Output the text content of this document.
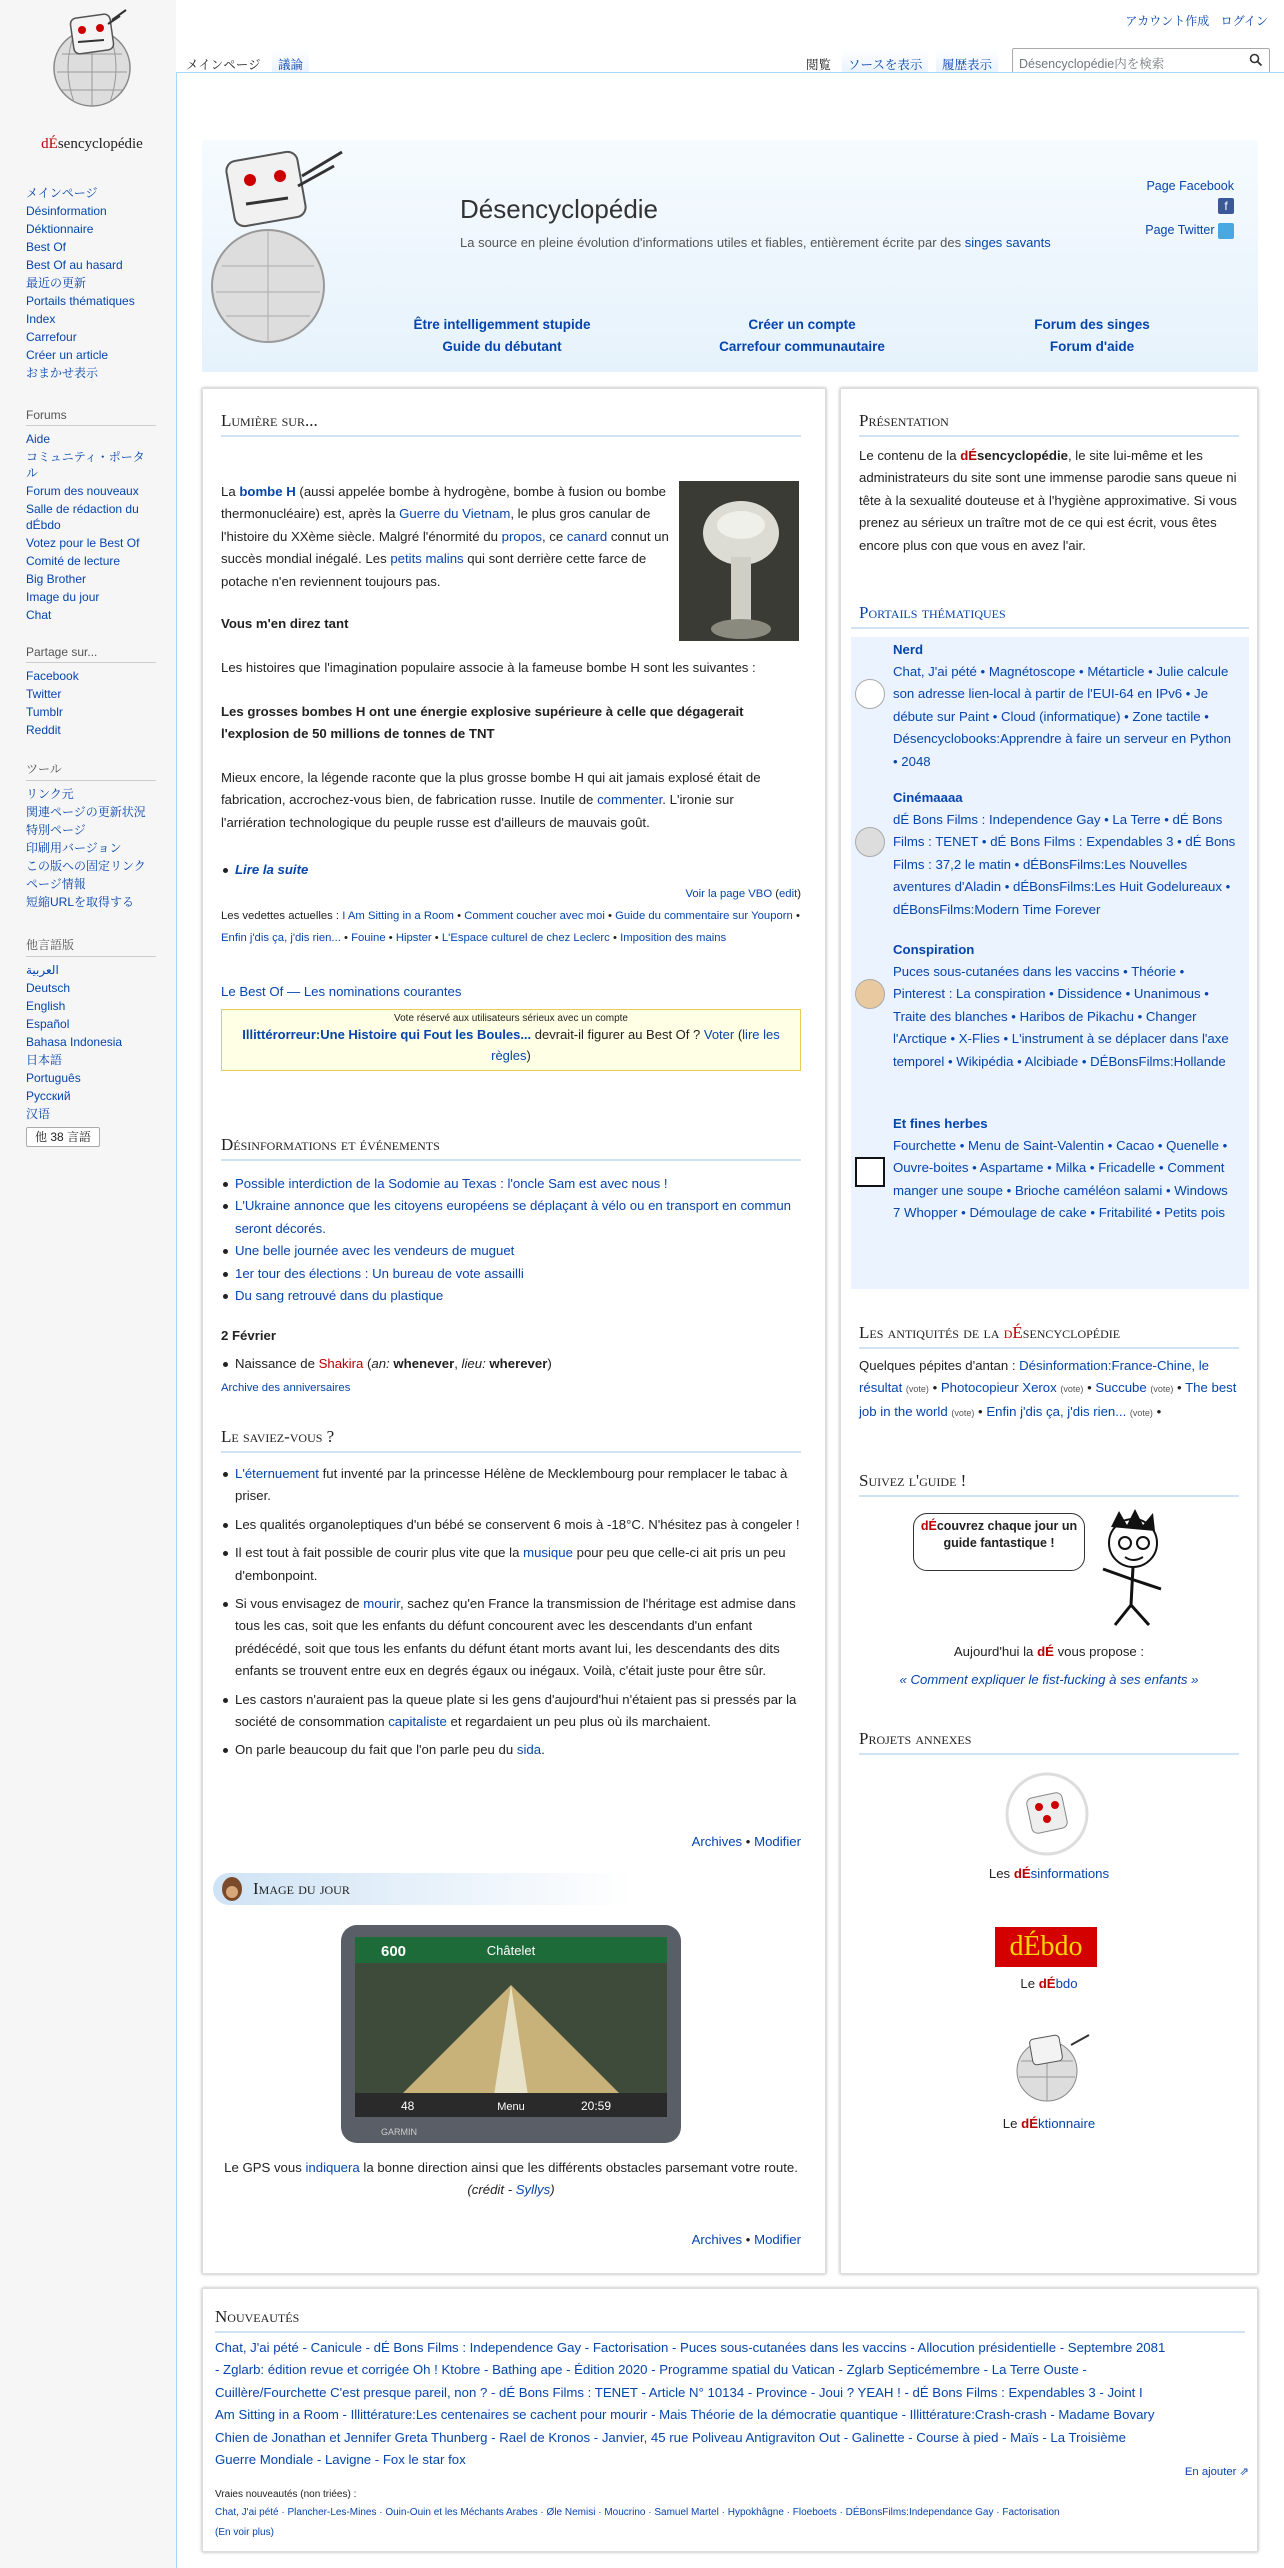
dÉsencyclopédie
メインページ
Désinformation
Déktionnaire
Best Of
Best Of au hasard
最近の更新
Portails thématiques
Index
Carrefour
Créer un article
おまかせ表示
Forums
Aide
コミュニティ・ポータル
Forum des nouveaux
Salle de rédaction du dÉbdo
Votez pour le Best Of
Comité de lecture
Big Brother
Image du jour
Chat
Partage sur...
Facebook
Twitter
Tumblr
Reddit
ツール
リンク元
関連ページの更新状況
特別ページ
印刷用バージョン
この版への固定リンク
ページ情報
短縮URLを取得する
他言語版
العربية
Deutsch
English
Español
Bahasa Indonesia
日本語
Português
Русский
汉语
他 38 言語
アカウント作成 ログイン
メインページ	議論	閲覧	ソースを表示	履歴表示	Désencyclopédie内を検索
Désencyclopédie
La source en pleine évolution d'informations utiles et fiables, entièrement écrite par des singes savants
Page Facebook
f
Page Twitter
Être intelligemment stupide
Guide du débutant
Créer un compte
Carrefour communautaire
Forum des singes
Forum d'aide
Lumière sur...
La bombe H (aussi appelée bombe à hydrogène, bombe à fusion ou bombe thermonucléaire) est, après la Guerre du Vietnam, le plus gros canular de l'histoire du XXème siècle. Malgré l'énormité du propos, ce canard connut un succès mondial inégalé. Les petits malins qui sont derrière cette farce de potache n'en reviennent toujours pas.
Vous m'en direz tant
Les histoires que l'imagination populaire associe à la fameuse bombe H sont les suivantes :
Les grosses bombes H ont une énergie explosive supérieure à celle que dégagerait l'explosion de 50 millions de tonnes de TNT
Mieux encore, la légende raconte que la plus grosse bombe H qui ait jamais explosé était de fabrication, accrochez-vous bien, de fabrication russe. Inutile de commenter. L'ironie sur l'arriération technologique du peuple russe est d'ailleurs de mauvais goût.
Lire la suite
Voir la page VBO (edit)
Les vedettes actuelles : I Am Sitting in a Room • Comment coucher avec moi • Guide du commentaire sur Youporn • Enfin j'dis ça, j'dis rien... • Fouine • Hipster • L'Espace culturel de chez Leclerc • Imposition des mains
Le Best Of — Les nominations courantes
Vote réservé aux utilisateurs sérieux avec un compte
Illittérorreur:Une Histoire qui Fout les Boules... devrait-il figurer au Best Of ? Voter (lire les règles)
Désinformations et événements
Possible interdiction de la Sodomie au Texas : l'oncle Sam est avec nous !
L'Ukraine annonce que les citoyens européens se déplaçant à vélo ou en transport en commun seront décorés.
Une belle journée avec les vendeurs de muguet
1er tour des élections : Un bureau de vote assailli
Du sang retrouvé dans du plastique
2 Février
Naissance de Shakira (an: whenever, lieu: wherever)
Archive des anniversaires
Le saviez-vous ?
L'éternuement fut inventé par la princesse Hélène de Mecklembourg pour remplacer le tabac à priser.
Les qualités organoleptiques d'un bébé se conservent 6 mois à -18°C. N'hésitez pas à congeler !
Il est tout à fait possible de courir plus vite que la musique pour peu que celle-ci ait pris un peu d'embonpoint.
Si vous envisagez de mourir, sachez qu'en France la transmission de l'héritage est admise dans tous les cas, soit que les enfants du défunt concourent avec les descendants d'un enfant prédécédé, soit que tous les enfants du défunt étant morts avant lui, les descendants des dits enfants se trouvent entre eux en degrés égaux ou inégaux. Voilà, c'était juste pour être sûr.
Les castors n'auraient pas la queue plate si les gens d'aujourd'hui n'étaient pas si pressés par la société de consommation capitaliste et regardaient un peu plus où ils marchaient.
On parle beaucoup du fait que l'on parle peu du sida.
Archives • Modifier
Image du jour
600	Châtelet
48	Menu	20:59
GARMIN
Le GPS vous indiquera la bonne direction ainsi que les différents obstacles parsemant votre route.
(crédit - Syllys)
Archives • Modifier
Présentation
Le contenu de la dÉsencyclopédie, le site lui-même et les administrateurs du site sont une immense parodie sans queue ni tête à la sexualité douteuse et à l'hygiène approximative. Si vous prenez au sérieux un traître mot de ce qui est écrit, vous êtes encore plus con que vous en avez l'air.
Portails thématiques
Nerd
Chat, J'ai pété • Magnétoscope • Métarticle • Julie calcule son adresse lien-local à partir de l'EUI-64 en IPv6 • Je débute sur Paint • Cloud (informatique) • Zone tactile • Désencyclobooks:Apprendre à faire un serveur en Python • 2048
Cinémaaaa
dÉ Bons Films : Independence Gay • La Terre • dÉ Bons Films : TENET • dÉ Bons Films : Expendables 3 • dÉ Bons Films : 37,2 le matin • dÉBonsFilms:Les Nouvelles aventures d'Aladin • dÉBonsFilms:Les Huit Godelureaux • dÉBonsFilms:Modern Time Forever
Conspiration
Puces sous-cutanées dans les vaccins • Théorie • Pinterest : La conspiration • Dissidence • Unanimous • Traite des blanches • Haribos de Pikachu • Changer l'Arctique • X-Flies • L'instrument à se déplacer dans l'axe temporel • Wikipédia • Alcibiade • DÉBonsFilms:Hollande
Et fines herbes
Fourchette • Menu de Saint-Valentin • Cacao • Quenelle • Ouvre-boites • Aspartame • Milka • Fricadelle • Comment manger une soupe • Brioche caméléon salami • Windows 7 Whopper • Démoulage de cake • Fritabilité • Petits pois
Les antiquités de la dÉsencyclopédie
Quelques pépites d'antan : Désinformation:France-Chine, le résultat (vote) • Photocopieur Xerox (vote) • Succube (vote) • The best job in the world (vote) • Enfin j'dis ça, j'dis rien... (vote) •
Suivez l'guide !
dÉcouvrez chaque jour un guide fantastique !
Aujourd'hui la dÉ vous propose :
« Comment expliquer le fist-fucking à ses enfants »
Projets annexes
Les dÉsinformations
dÉbdo
Le dÉbdo
Le dÉktionnaire
Nouveautés
Chat, J'ai pété - Canicule - dÉ Bons Films : Independence Gay - Factorisation - Puces sous-cutanées dans les vaccins - Allocution présidentielle - Septembre 2081
- Zglarb: édition revue et corrigée Oh ! Ktobre - Bathing ape - Édition 2020 - Programme spatial du Vatican - Zglarb Septicémembre - La Terre Ouste -
Cuillère/Fourchette C'est presque pareil, non ? - dÉ Bons Films : TENET - Article N° 10134 - Province - Joui ? YEAH ! - dÉ Bons Films : Expendables 3 - Joint I
Am Sitting in a Room - Illittérature:Les centenaires se cachent pour mourir - Mais Théorie de la démocratie quantique - Illittérature:Crash-crash - Madame Bovary
Chien de Jonathan et Jennifer Greta Thunberg - Rael de Kronos - Janvier, 45 rue Poliveau Antigraviton Out - Galinette - Course à pied - Maïs - La Troisième
Guerre Mondiale - Lavigne - Fox le star fox
En ajouter ⇗
Vraies nouveautés (non triées) :
Chat, J'ai pété · Plancher-Les-Mines · Ouin-Ouin et les Méchants Arabes · Øle Nemisi · Moucrino · Samuel Martel · Hypokhâgne · Floeboets · DÉBonsFilms:Independance Gay · Factorisation
(En voir plus)
